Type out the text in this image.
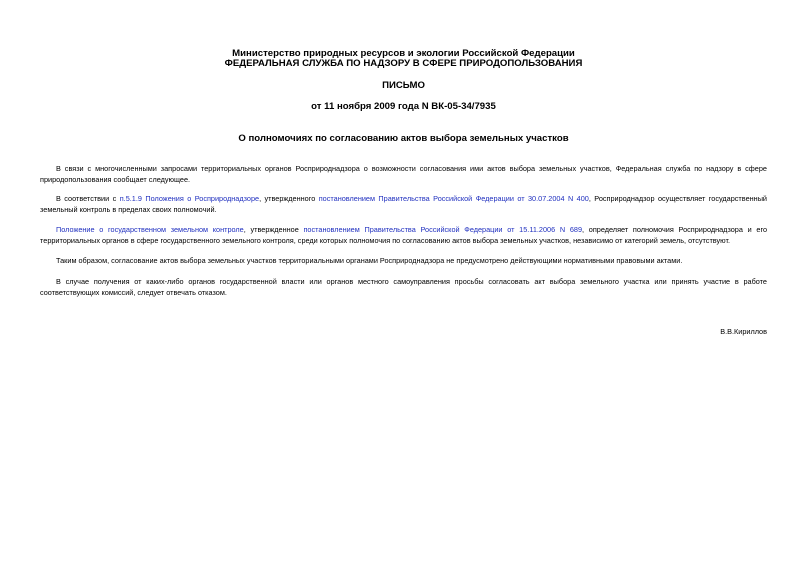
Министерство природных ресурсов и экологии Российской Федерации
ФЕДЕРАЛЬНАЯ СЛУЖБА ПО НАДЗОРУ В СФЕРЕ ПРИРОДОПОЛЬЗОВАНИЯ
ПИСЬМО
от 11 ноября 2009 года N ВК-05-34/7935
О полномочиях по согласованию актов выбора земельных участков
В связи с многочисленными запросами территориальных органов Росприроднадзора о возможности согласования ими актов выбора земельных участков, Федеральная служба по надзору в сфере природопользования сообщает следующее.
В соответствии с п.5.1.9 Положения о Росприроднадзоре, утвержденного постановлением Правительства Российской Федерации от 30.07.2004 N 400, Росприроднадзор осуществляет государственный земельный контроль в пределах своих полномочий.
Положение о государственном земельном контроле, утвержденное постановлением Правительства Российской Федерации от 15.11.2006 N 689, определяет полномочия Росприроднадзора и его территориальных органов в сфере государственного земельного контроля, среди которых полномочия по согласованию актов выбора земельных участков, независимо от категорий земель, отсутствуют.
Таким образом, согласование актов выбора земельных участков территориальными органами Росприроднадзора не предусмотрено действующими нормативными правовыми актами.
В случае получения от каких-либо органов государственной власти или органов местного самоуправления просьбы согласовать акт выбора земельного участка или принять участие в работе соответствующих комиссий, следует отвечать отказом.
В.В.Кириллов
